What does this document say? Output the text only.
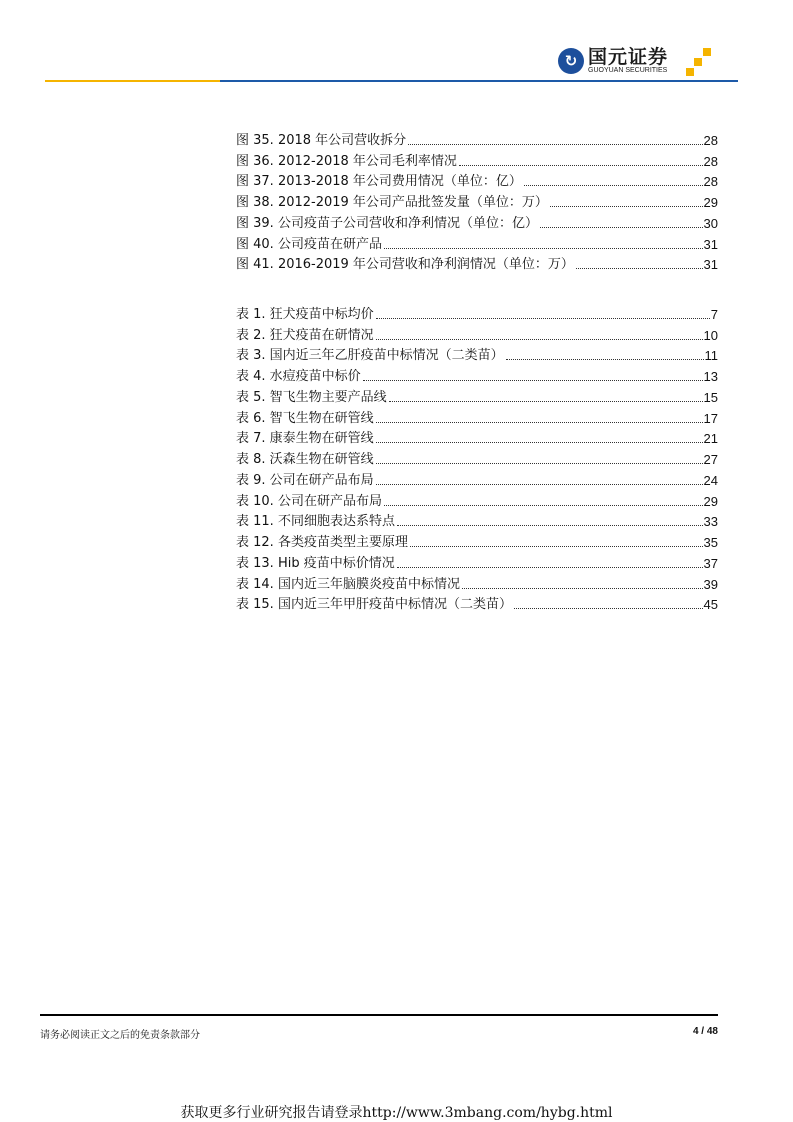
↻ 国元证券
GUOYUAN SECURITIES
图 35. 2018 年公司营收拆分	28
图 36. 2012-2018 年公司毛利率情况	28
图 37. 2013-2018 年公司费用情况（单位：亿）	28
图 38. 2012-2019 年公司产品批签发量（单位：万）	29
图 39. 公司疫苗子公司营收和净利情况（单位：亿）	30
图 40. 公司疫苗在研产品	31
图 41. 2016-2019 年公司营收和净利润情况（单位：万）	31
表 1. 狂犬疫苗中标均价	7
表 2. 狂犬疫苗在研情况	10
表 3. 国内近三年乙肝疫苗中标情况（二类苗）	11
表 4. 水痘疫苗中标价	13
表 5. 智飞生物主要产品线	15
表 6. 智飞生物在研管线	17
表 7. 康泰生物在研管线	21
表 8. 沃森生物在研管线	27
表 9. 公司在研产品布局	24
表 10. 公司在研产品布局	29
表 11. 不同细胞表达系特点	33
表 12. 各类疫苗类型主要原理	35
表 13. Hib 疫苗中标价情况	37
表 14. 国内近三年脑膜炎疫苗中标情况	39
表 15. 国内近三年甲肝疫苗中标情况（二类苗）	45
请务必阅读正文之后的免责条款部分	4 / 48
获取更多行业研究报告请登录http://www.3mbang.com/hybg.html
